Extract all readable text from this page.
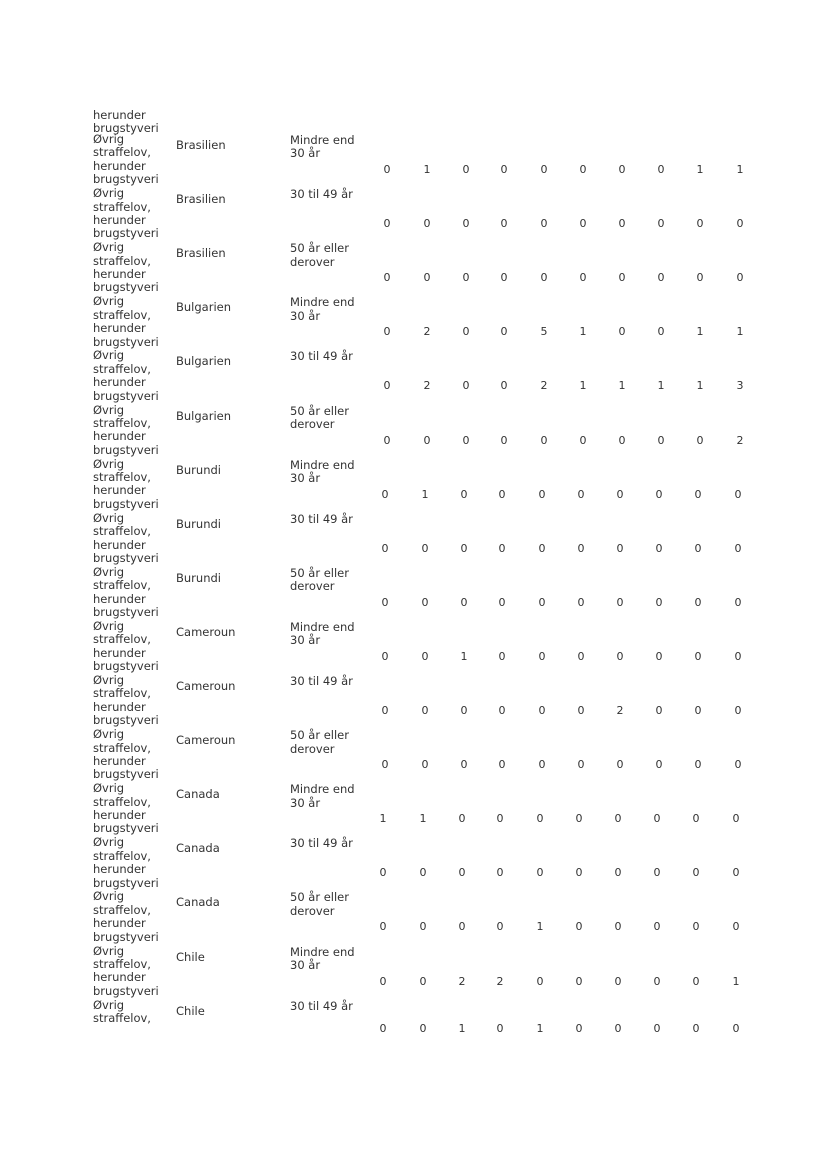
herunder
brugstyveri
Øvrig
straffelov,
herunder
brugstyveri
Brasilien	Mindre end
30 år
0	1	0	0	0	0	0	0	1	1
Øvrig
straffelov,
herunder
brugstyveri
Brasilien	30 til 49 år
0	0	0	0	0	0	0	0	0	0
Øvrig
straffelov,
herunder
brugstyveri
Brasilien	50 år eller
derover
0	0	0	0	0	0	0	0	0	0
Øvrig
straffelov,
herunder
brugstyveri
Bulgarien	Mindre end
30 år
0	2	0	0	5	1	0	0	1	1
Øvrig
straffelov,
herunder
brugstyveri
Bulgarien	30 til 49 år
0	2	0	0	2	1	1	1	1	3
Øvrig
straffelov,
herunder
brugstyveri
Bulgarien	50 år eller
derover
0	0	0	0	0	0	0	0	0	2
Øvrig
straffelov,
herunder
brugstyveri
Burundi	Mindre end
30 år
0	1	0	0	0	0	0	0	0	0
Øvrig
straffelov,
herunder
brugstyveri
Burundi	30 til 49 år
0	0	0	0	0	0	0	0	0	0
Øvrig
straffelov,
herunder
brugstyveri
Burundi	50 år eller
derover
0	0	0	0	0	0	0	0	0	0
Øvrig
straffelov,
herunder
brugstyveri
Cameroun	Mindre end
30 år
0	0	1	0	0	0	0	0	0	0
Øvrig
straffelov,
herunder
brugstyveri
Cameroun	30 til 49 år
0	0	0	0	0	0	2	0	0	0
Øvrig
straffelov,
herunder
brugstyveri
Cameroun	50 år eller
derover
0	0	0	0	0	0	0	0	0	0
Øvrig
straffelov,
herunder
brugstyveri
Canada	Mindre end
30 år
1	1	0	0	0	0	0	0	0	0
Øvrig
straffelov,
herunder
brugstyveri
Canada	30 til 49 år
0	0	0	0	0	0	0	0	0	0
Øvrig
straffelov,
herunder
brugstyveri
Canada	50 år eller
derover
0	0	0	0	1	0	0	0	0	0
Øvrig
straffelov,
herunder
brugstyveri
Chile	Mindre end
30 år
0	0	2	2	0	0	0	0	0	1
Øvrig
straffelov,
Chile	30 til 49 år
0	0	1	0	1	0	0	0	0	0
